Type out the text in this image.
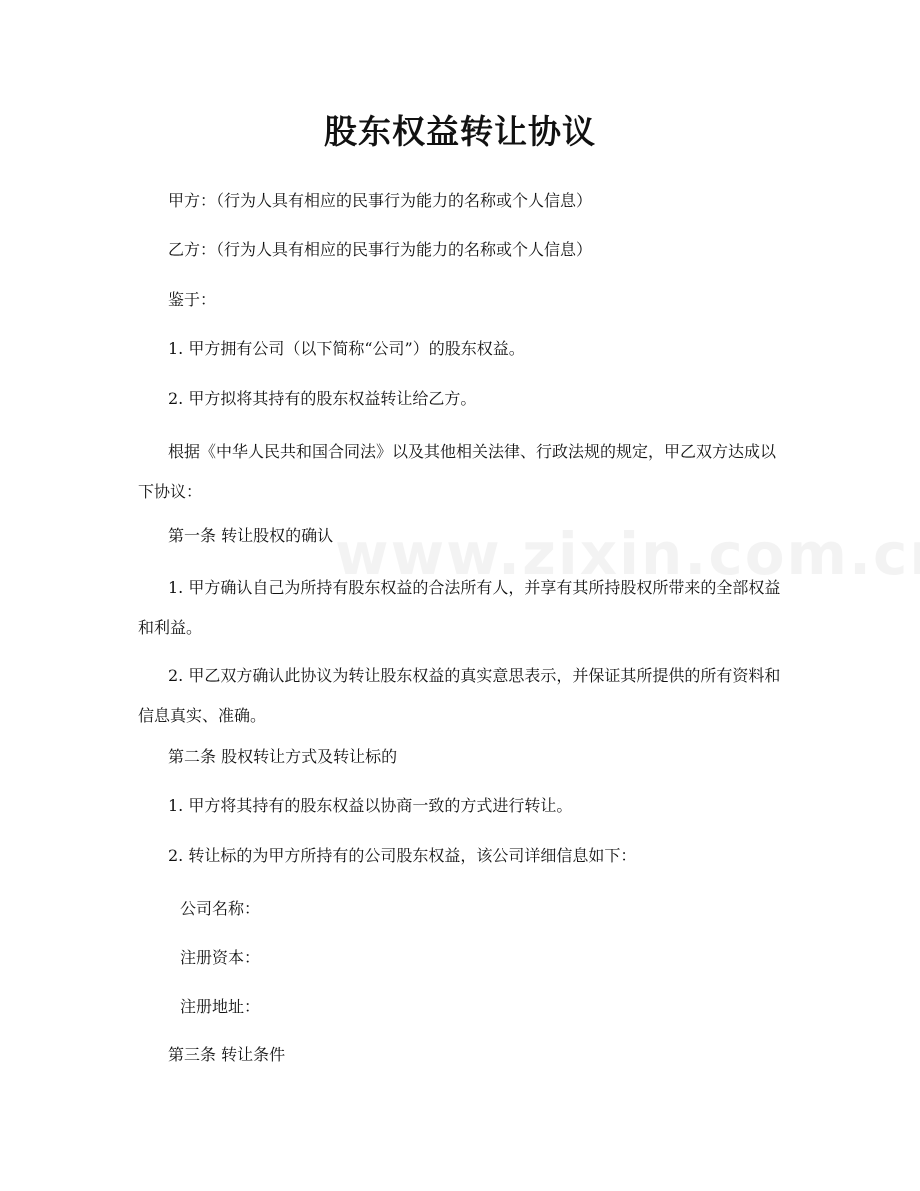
股东权益转让协议

甲方：（行为人具有相应的民事行为能力的名称或个人信息）

乙方：（行为人具有相应的民事行为能力的名称或个人信息）

鉴于：

1. 甲方拥有公司（以下简称“公司”）的股东权益。

2. 甲方拟将其持有的股东权益转让给乙方。

根据《中华人民共和国合同法》以及其他相关法律、行政法规的规定，甲乙双方达成以下协议：

第一条 转让股权的确认

1. 甲方确认自己为所持有股东权益的合法所有人，并享有其所持股权所带来的全部权益和利益。

2. 甲乙双方确认此协议为转让股东权益的真实意思表示，并保证其所提供的所有资料和信息真实、准确。

第二条 股权转让方式及转让标的

1. 甲方将其持有的股东权益以协商一致的方式进行转让。

2. 转让标的为甲方所持有的公司股东权益，该公司详细信息如下：

公司名称：

注册资本：

注册地址：

第三条 转让条件
